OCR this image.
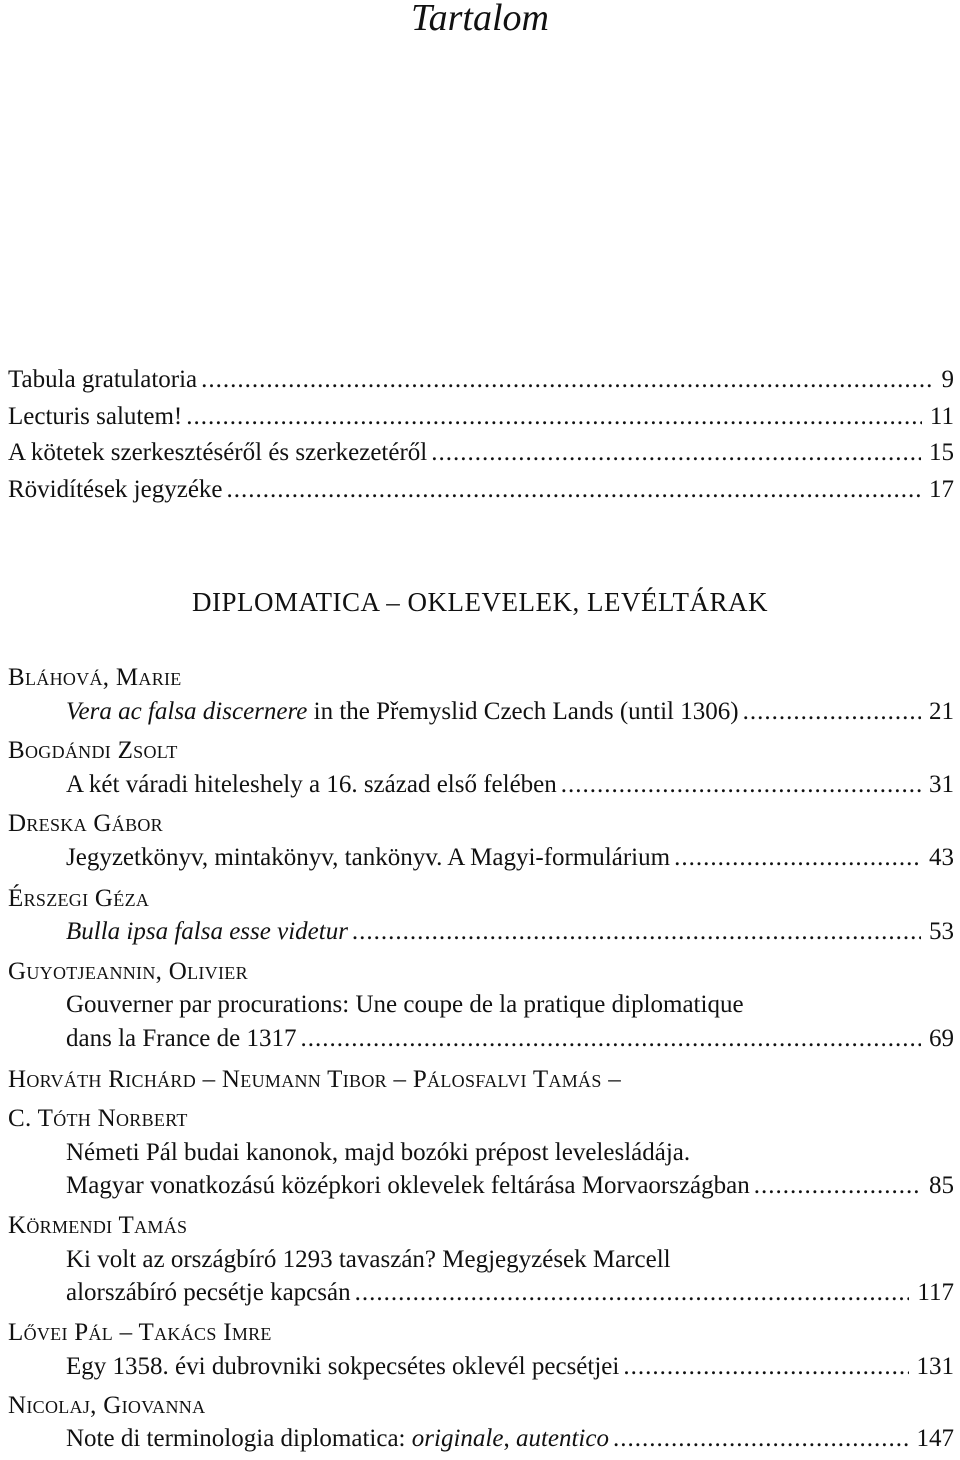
Tartalom
Tabula gratulatoria .....	9
Lecturis salutem! .....	11
A kötetek szerkesztéséről és szerkezetéről .....	15
Rövidítések jegyzéke .....	17
DIPLOMATICA – OKLEVELEK, LEVÉLTÁRAK
Bláhová, Marie
Vera ac falsa discernere in the Přemyslid Czech Lands (until 1306) .....	21
Bogdándi Zsolt
A két váradi hiteleshely a 16. század első felében .....	31
Dreska Gábor
Jegyzetkönyv, mintakönyv, tankönyv. A Magyi-formulárium .....	43
Érszegi Géza
Bulla ipsa falsa esse videtur .....	53
Guyotjeannin, Olivier
Gouverner par procurations: Une coupe de la pratique diplomatique
dans la France de 1317 .....	69
Horváth Richárd – Neumann Tibor – Pálosfalvi Tamás –
C. Tóth Norbert
Németi Pál budai kanonok, majd bozóki prépost levelesládája.
Magyar vonatkozású középkori oklevelek feltárása Morvaországban .....	85
Körmendi Tamás
Ki volt az országbíró 1293 tavaszán? Megjegyzések Marcell
alorszábíró pecsétje kapcsán .....	117
Lővei Pál – Takács Imre
Egy 1358. évi dubrovniki sokpecsétes oklevél pecsétjei .....	131
Nicolaj, Giovanna
Note di terminologia diplomatica: originale, autentico .....	147
